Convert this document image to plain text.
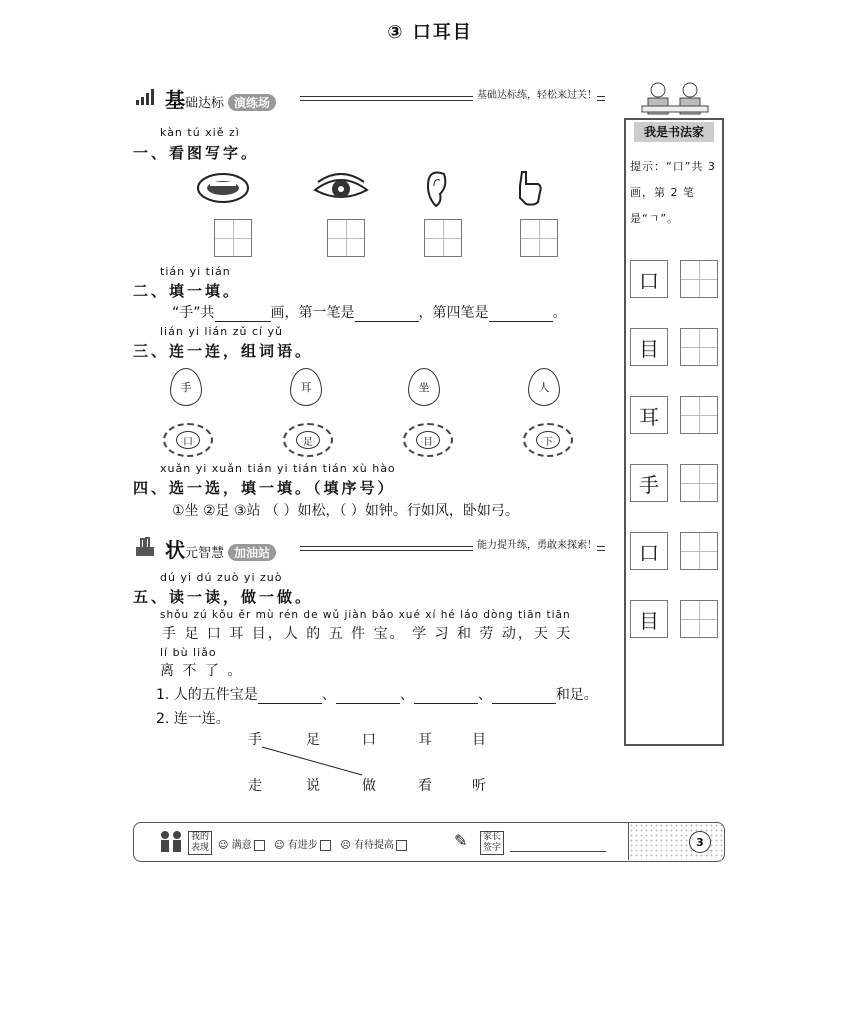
③ 口耳目
基础达标 演练场
基础达标练，轻松来过关！
我是书法家
提示：“口”共 3 画，第 2 笔是“ㄱ”。
口
目
耳
手
口
目
kàn tú xiě zì
一、看图写字。
tián yi tián
二、填一填。
“手”共	画，第一笔是	，第四笔是	。
lián yi lián zǔ cí yǔ
三、连一连，组词语。
手	耳	坐	人
口	足	目	下
xuǎn yi xuǎn tián yi tián tián xù hào
四、选一选，填一填。（填序号）
①坐 ②足 ③站 （ ）如松，（ ）如钟。行如风，卧如弓。
状元智慧 加油站
能力提升练，勇敢来探索！
dú yi dú zuò yi zuò
五、读一读，做一做。
shǒu zú kǒu ěr mù rén de wǔ jiàn bǎo xué xí hé láo dòng tiān tiān
手 足 口 耳 目，人 的 五 件 宝。 学 习 和 劳 动，天 天
lí bù liǎo
离 不 了 。
1. 人的五件宝是	、	、	、	和足。
2. 连一连。
手	足	口	耳	目
走	说	做	看	听
我的表现 ☺ 满意 ☺ 有进步 ☹ 有待提高	✎	家长签字	3
